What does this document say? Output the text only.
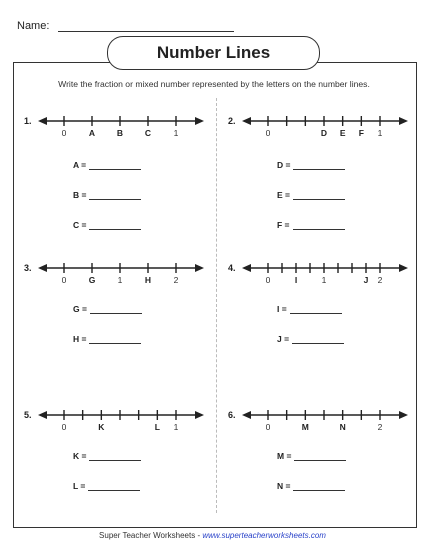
Name:
Number Lines
Write the fraction or mixed number represented by the letters on the number lines.
1.
0	A	B	C	1
A =
B =
C =
2.
0	D E F 1
D =
E =
F =
3.
0	G	1	H	2
G =
H =
4.
0	I	1	J 2
I =
J =
5.
0	K	L 1
K =
L =
6.
0	M	N	2
M =
N =
Super Teacher Worksheets - www.superteacherworksheets.com
